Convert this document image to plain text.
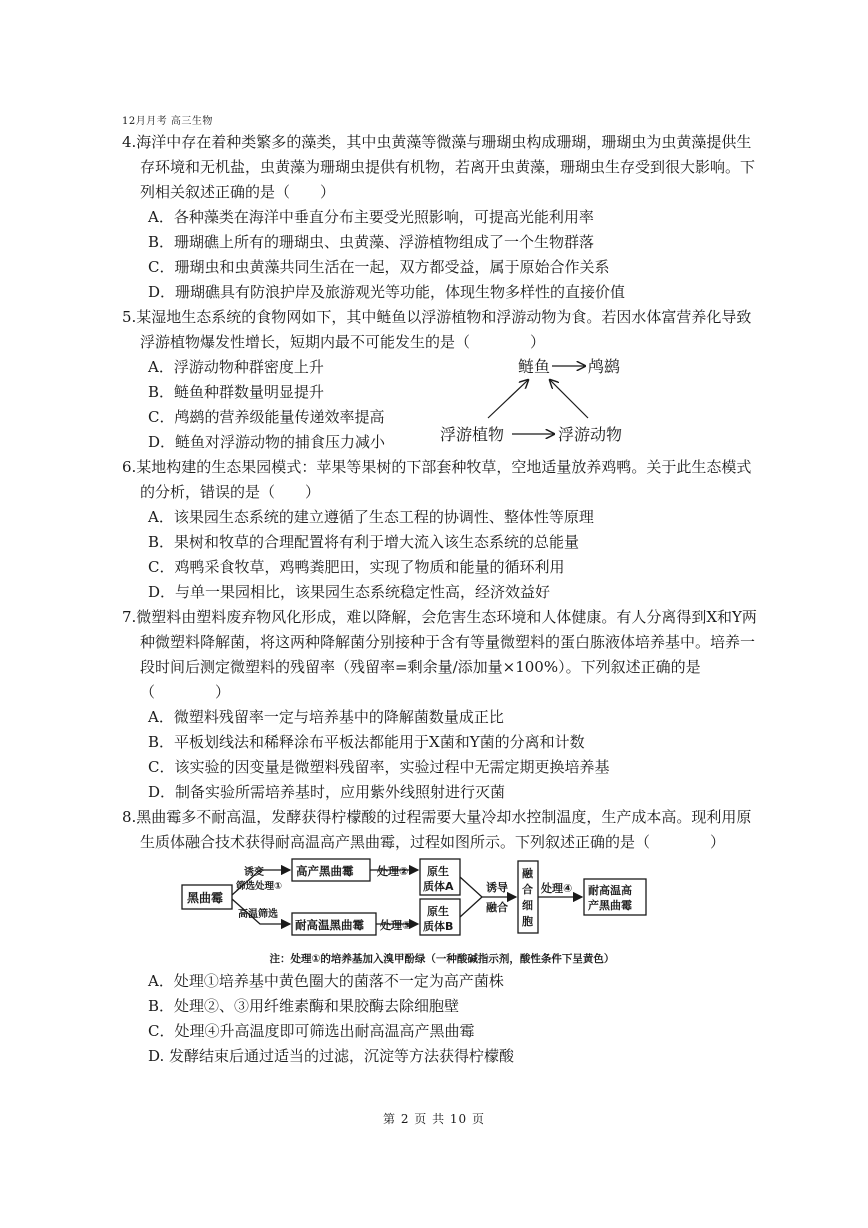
12月月考 高三生物

4.海洋中存在着种类繁多的藻类，其中虫黄藻等微藻与珊瑚虫构成珊瑚，珊瑚虫为虫黄藻提供生存环境和无机盐，虫黄藻为珊瑚虫提供有机物，若离开虫黄藻，珊瑚虫生存受到很大影响。下列相关叙述正确的是（　　）

A．各种藻类在海洋中垂直分布主要受光照影响，可提高光能利用率

B．珊瑚礁上所有的珊瑚虫、虫黄藻、浮游植物组成了一个生物群落

C．珊瑚虫和虫黄藻共同生活在一起，双方都受益，属于原始合作关系

D．珊瑚礁具有防浪护岸及旅游观光等功能，体现生物多样性的直接价值

5.某湿地生态系统的食物网如下，其中鲢鱼以浮游植物和浮游动物为食。若因水体富营养化导致浮游植物爆发性增长，短期内最不可能发生的是（　　　　）

A．浮游动物种群密度上升

B．鲢鱼种群数量明显提升

C．鸬鹚的营养级能量传递效率提高

D．鲢鱼对浮游动物的捕食压力减小

鲢鱼 鸬鹚
浮游植物	浮游动物

6.某地构建的生态果园模式：苹果等果树的下部套种牧草，空地适量放养鸡鸭。关于此生态模式的分析，错误的是（　　）

A．该果园生态系统的建立遵循了生态工程的协调性、整体性等原理

B．果树和牧草的合理配置将有利于增大流入该生态系统的总能量

C．鸡鸭采食牧草，鸡鸭粪肥田，实现了物质和能量的循环利用

D．与单一果园相比，该果园生态系统稳定性高，经济效益好

7.微塑料由塑料废弃物风化形成，难以降解，会危害生态环境和人体健康。有人分离得到X和Y两种微塑料降解菌，将这两种降解菌分别接种于含有等量微塑料的蛋白胨液体培养基中。培养一段时间后测定微塑料的残留率（残留率=剩余量/添加量×100%）。下列叙述正确的是（　　　　）

A．微塑料残留率一定与培养基中的降解菌数量成正比

B．平板划线法和稀释涂布平板法都能用于X菌和Y菌的分离和计数

C．该实验的因变量是微塑料残留率，实验过程中无需定期更换培养基

D．制备实验所需培养基时，应用紫外线照射进行灭菌

8.黑曲霉多不耐高温，发酵获得柠檬酸的过程需要大量冷却水控制温度，生产成本高。现利用原生质体融合技术获得耐高温高产黑曲霉，过程如图所示。下列叙述正确的是（　　　　）

黑曲霉
诱变
筛选处理①
高温筛选
高产黑曲霉
耐高温黑曲霉
处理②
处理③
原生
质体A
原生
质体B
诱导
融合
融
合
细
胞
处理④ 耐高温高
产黑曲霉
注：处理①的培养基加入溴甲酚绿（一种酸碱指示剂，酸性条件下呈黄色）

A．处理①培养基中黄色圈大的菌落不一定为高产菌株

B．处理②、③用纤维素酶和果胶酶去除细胞壁

C．处理④升高温度即可筛选出耐高温高产黑曲霉

D. 发酵结束后通过适当的过滤，沉淀等方法获得柠檬酸

第 2 页 共 10 页
